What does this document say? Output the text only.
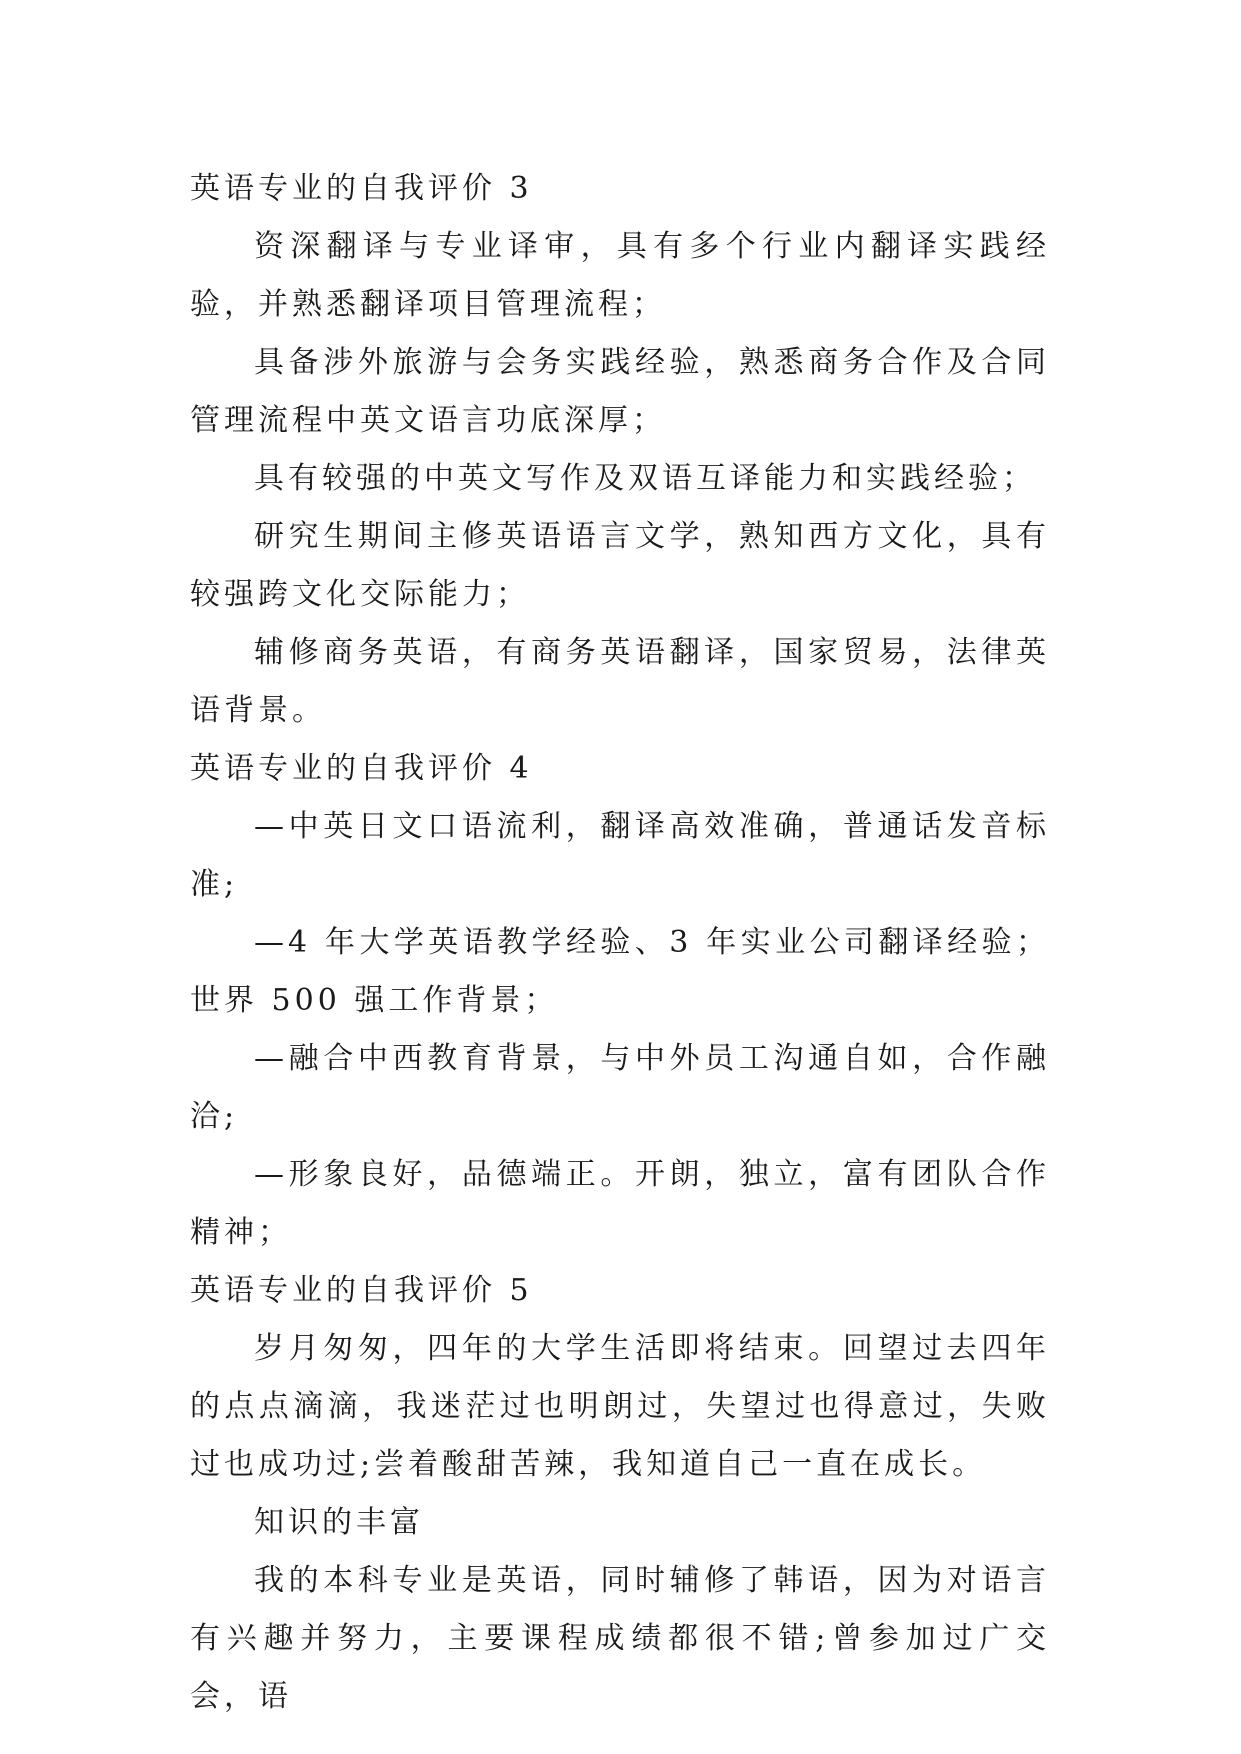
英语专业的自我评价 3

资深翻译与专业译审，具有多个行业内翻译实践经验，并熟悉翻译项目管理流程；

具备涉外旅游与会务实践经验，熟悉商务合作及合同管理流程中英文语言功底深厚；

具有较强的中英文写作及双语互译能力和实践经验；

研究生期间主修英语语言文学，熟知西方文化，具有较强跨文化交际能力；

辅修商务英语，有商务英语翻译，国家贸易，法律英语背景。

英语专业的自我评价 4

—中英日文口语流利，翻译高效准确，普通话发音标准;

—4 年大学英语教学经验、3 年实业公司翻译经验；世界 500 强工作背景；

—融合中西教育背景，与中外员工沟通自如，合作融洽;

—形象良好，品德端正。开朗，独立，富有团队合作精神；

英语专业的自我评价 5

岁月匆匆，四年的大学生活即将结束。回望过去四年的点点滴滴，我迷茫过也明朗过，失望过也得意过，失败过也成功过;尝着酸甜苦辣，我知道自己一直在成长。

知识的丰富

我的本科专业是英语，同时辅修了韩语，因为对语言有兴趣并努力，主要课程成绩都很不错;曾参加过广交会，语
